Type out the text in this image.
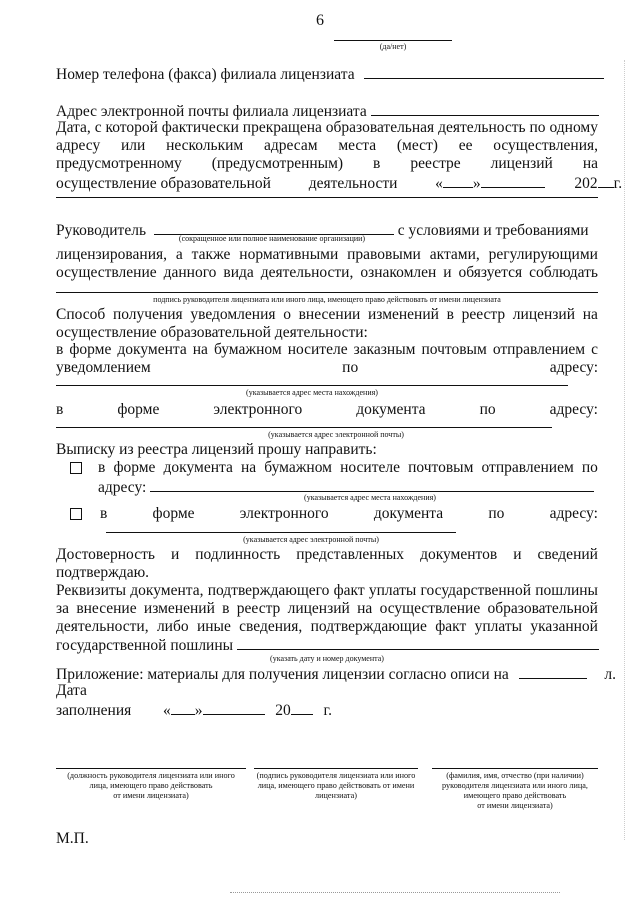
6
(да/нет)
Номер телефона (факса) филиала лицензиата
Адрес электронной почты филиала лицензиата
Дата, с которой фактически прекращена образовательная деятельность по одному
адресу или нескольким адресам места (мест) ее осуществления,
предусмотренному (предусмотренным) в реестре лицензий на
осуществление образовательной деятельности « »	202 г.
Руководитель	с условиями и требованиями
(сокращенное или полное наименование организации)
лицензирования, а также нормативными правовыми актами, регулирующими
осуществление данного вида деятельности, ознакомлен и обязуется соблюдать
подпись руководителя лицензиата или иного лица, имеющего право действовать от имени лицензиата
Способ получения уведомления о внесении изменений в реестр лицензий на
осуществление образовательной деятельности:
в форме документа на бумажном носителе заказным почтовым отправлением с
уведомлением	по	адресу:
(указывается адрес места нахождения)
в	форме	электронного	документа	по	адресу:
(указывается адрес электронной почты)
Выписку из реестра лицензий прошу направить:
в форме документа на бумажном носителе почтовым отправлением по
адресу:
(указывается адрес места нахождения)
в	форме	электронного	документа	по	адресу:
(указывается адрес электронной почты)
Достоверность и подлинность представленных документов и сведений
подтверждаю.
Реквизиты документа, подтверждающего факт уплаты государственной пошлины
за внесение изменений в реестр лицензий на осуществление образовательной
деятельности, либо иные сведения, подтверждающие факт уплаты указанной
государственной пошлины
(указать дату и номер документа)
Приложение: материалы для получения лицензии согласно описи на	л.
Дата
заполнения « »	20 г.
(должность руководителя лицензиата или иного
лица, имеющего право действовать
от имени лицензиата)
(подпись руководителя лицензиата или иного
лица, имеющего право действовать от имени
лицензиата)
(фамилия, имя, отчество (при наличии)
руководителя лицензиата или иного лица,
имеющего право действовать
от имени лицензиата)
М.П.
